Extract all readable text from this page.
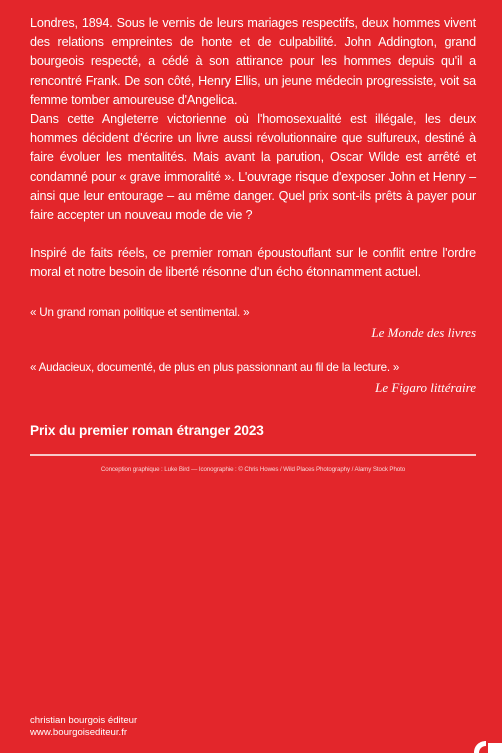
Londres, 1894. Sous le vernis de leurs mariages respectifs, deux hommes vivent des relations empreintes de honte et de culpabilité. John Addington, grand bourgeois respecté, a cédé à son attirance pour les hommes depuis qu'il a rencontré Frank. De son côté, Henry Ellis, un jeune médecin progressiste, voit sa femme tomber amoureuse d'Angelica.

Dans cette Angleterre victorienne où l'homosexualité est illégale, les deux hommes décident d'écrire un livre aussi révolutionnaire que sulfureux, destiné à faire évoluer les mentalités. Mais avant la parution, Oscar Wilde est arrêté et condamné pour « grave immoralité ». L'ouvrage risque d'exposer John et Henry – ainsi que leur entourage – au même danger. Quel prix sont-ils prêts à payer pour faire accepter un nouveau mode de vie ?

Inspiré de faits réels, ce premier roman époustouflant sur le conflit entre l'ordre moral et notre besoin de liberté résonne d'un écho étonnamment actuel.

« Un grand roman politique et sentimental. »

Le Monde des livres

« Audacieux, documenté, de plus en plus passionnant au fil de la lecture. »

Le Figaro littéraire

Prix du premier roman étranger 2023
Conception graphique : Luke Bird — Iconographie : © Chris Howes / Wild Places Photography / Alamy Stock Photo
christian bourgois éditeur
www.bourgoisediteur.fr
